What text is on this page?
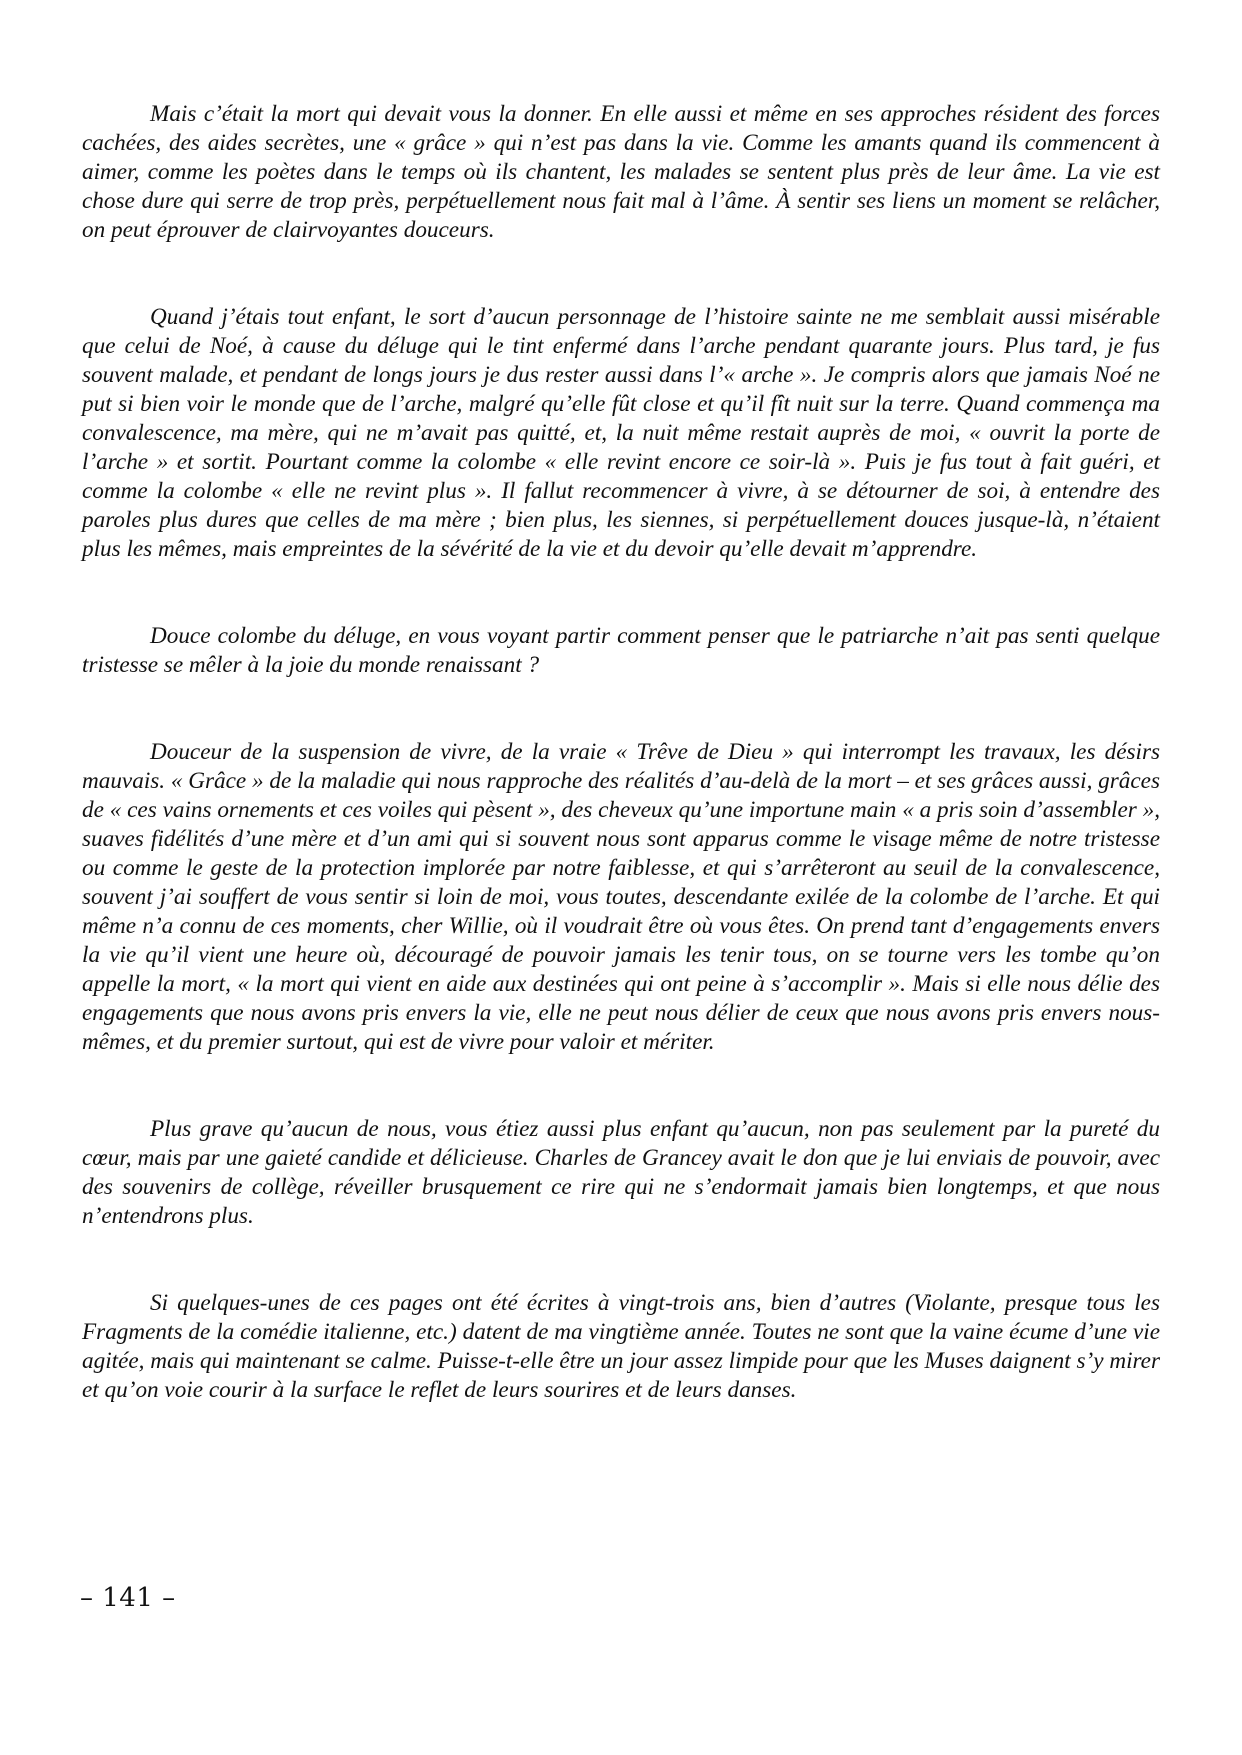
Mais c’était la mort qui devait vous la donner. En elle aussi et même en ses approches résident des forces cachées, des aides secrètes, une « grâce » qui n’est pas dans la vie. Comme les amants quand ils commencent à aimer, comme les poètes dans le temps où ils chantent, les malades se sentent plus près de leur âme. La vie est chose dure qui serre de trop près, perpétuellement nous fait mal à l’âme. À sentir ses liens un moment se relâcher, on peut éprouver de clairvoyantes douceurs.

Quand j’étais tout enfant, le sort d’aucun personnage de l’histoire sainte ne me semblait aussi misérable que celui de Noé, à cause du déluge qui le tint enfermé dans l’arche pendant quarante jours. Plus tard, je fus souvent malade, et pendant de longs jours je dus rester aussi dans l’« arche ». Je compris alors que jamais Noé ne put si bien voir le monde que de l’arche, malgré qu’elle fût close et qu’il fît nuit sur la terre. Quand commença ma convalescence, ma mère, qui ne m’avait pas quitté, et, la nuit même restait auprès de moi, « ouvrit la porte de l’arche » et sortit. Pourtant comme la colombe « elle revint encore ce soir-là ». Puis je fus tout à fait guéri, et comme la colombe « elle ne revint plus ». Il fallut recommencer à vivre, à se détourner de soi, à entendre des paroles plus dures que celles de ma mère ; bien plus, les siennes, si perpétuellement douces jusque-là, n’étaient plus les mêmes, mais empreintes de la sévérité de la vie et du devoir qu’elle devait m’apprendre.

Douce colombe du déluge, en vous voyant partir comment penser que le patriarche n’ait pas senti quelque tristesse se mêler à la joie du monde renaissant ?

Douceur de la suspension de vivre, de la vraie « Trêve de Dieu » qui interrompt les travaux, les désirs mauvais. « Grâce » de la maladie qui nous rapproche des réalités d’au-delà de la mort – et ses grâces aussi, grâces de « ces vains ornements et ces voiles qui pèsent », des cheveux qu’une importune main « a pris soin d’assembler », suaves fidélités d’une mère et d’un ami qui si souvent nous sont apparus comme le visage même de notre tristesse ou comme le geste de la protection implorée par notre faiblesse, et qui s’arrêteront au seuil de la convalescence, souvent j’ai souffert de vous sentir si loin de moi, vous toutes, descendante exilée de la colombe de l’arche. Et qui même n’a connu de ces moments, cher Willie, où il voudrait être où vous êtes. On prend tant d’engagements envers la vie qu’il vient une heure où, découragé de pouvoir jamais les tenir tous, on se tourne vers les tombe qu’on appelle la mort, « la mort qui vient en aide aux destinées qui ont peine à s’accomplir ». Mais si elle nous délie des engagements que nous avons pris envers la vie, elle ne peut nous délier de ceux que nous avons pris envers nous-mêmes, et du premier surtout, qui est de vivre pour valoir et mériter.

Plus grave qu’aucun de nous, vous étiez aussi plus enfant qu’aucun, non pas seulement par la pureté du cœur, mais par une gaieté candide et délicieuse. Charles de Grancey avait le don que je lui enviais de pouvoir, avec des souvenirs de collège, réveiller brusquement ce rire qui ne s’endormait jamais bien longtemps, et que nous n’entendrons plus.

Si quelques-unes de ces pages ont été écrites à vingt-trois ans, bien d’autres (Violante, presque tous les Fragments de la comédie italienne, etc.) datent de ma vingtième année. Toutes ne sont que la vaine écume d’une vie agitée, mais qui maintenant se calme. Puisse-t-elle être un jour assez limpide pour que les Muses daignent s’y mirer et qu’on voie courir à la surface le reflet de leurs sourires et de leurs danses.

– 141 –
